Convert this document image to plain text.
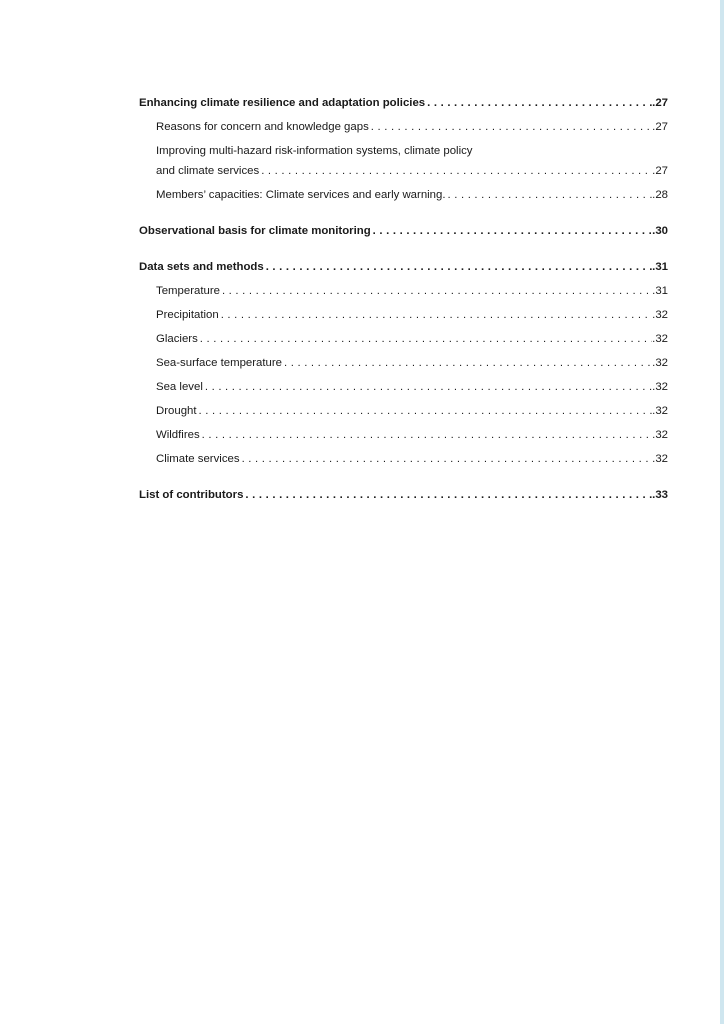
Enhancing climate resilience and adaptation policies . . .	.27
Reasons for concern and knowledge gaps . . .	.27
Improving multi-hazard risk-information systems, climate policy
and climate services . . .	.27
Members’ capacities: Climate services and early warning. . . .	.28
Observational basis for climate monitoring . . .	.30
Data sets and methods . . .	.31
Temperature . . .	.31
Precipitation . . .	.32
Glaciers . . .	.32
Sea-surface temperature . . .	.32
Sea level . . .	.32
Drought . . .	.32
Wildfires . . .	.32
Climate services . . .	.32
List of contributors . . .	.33
